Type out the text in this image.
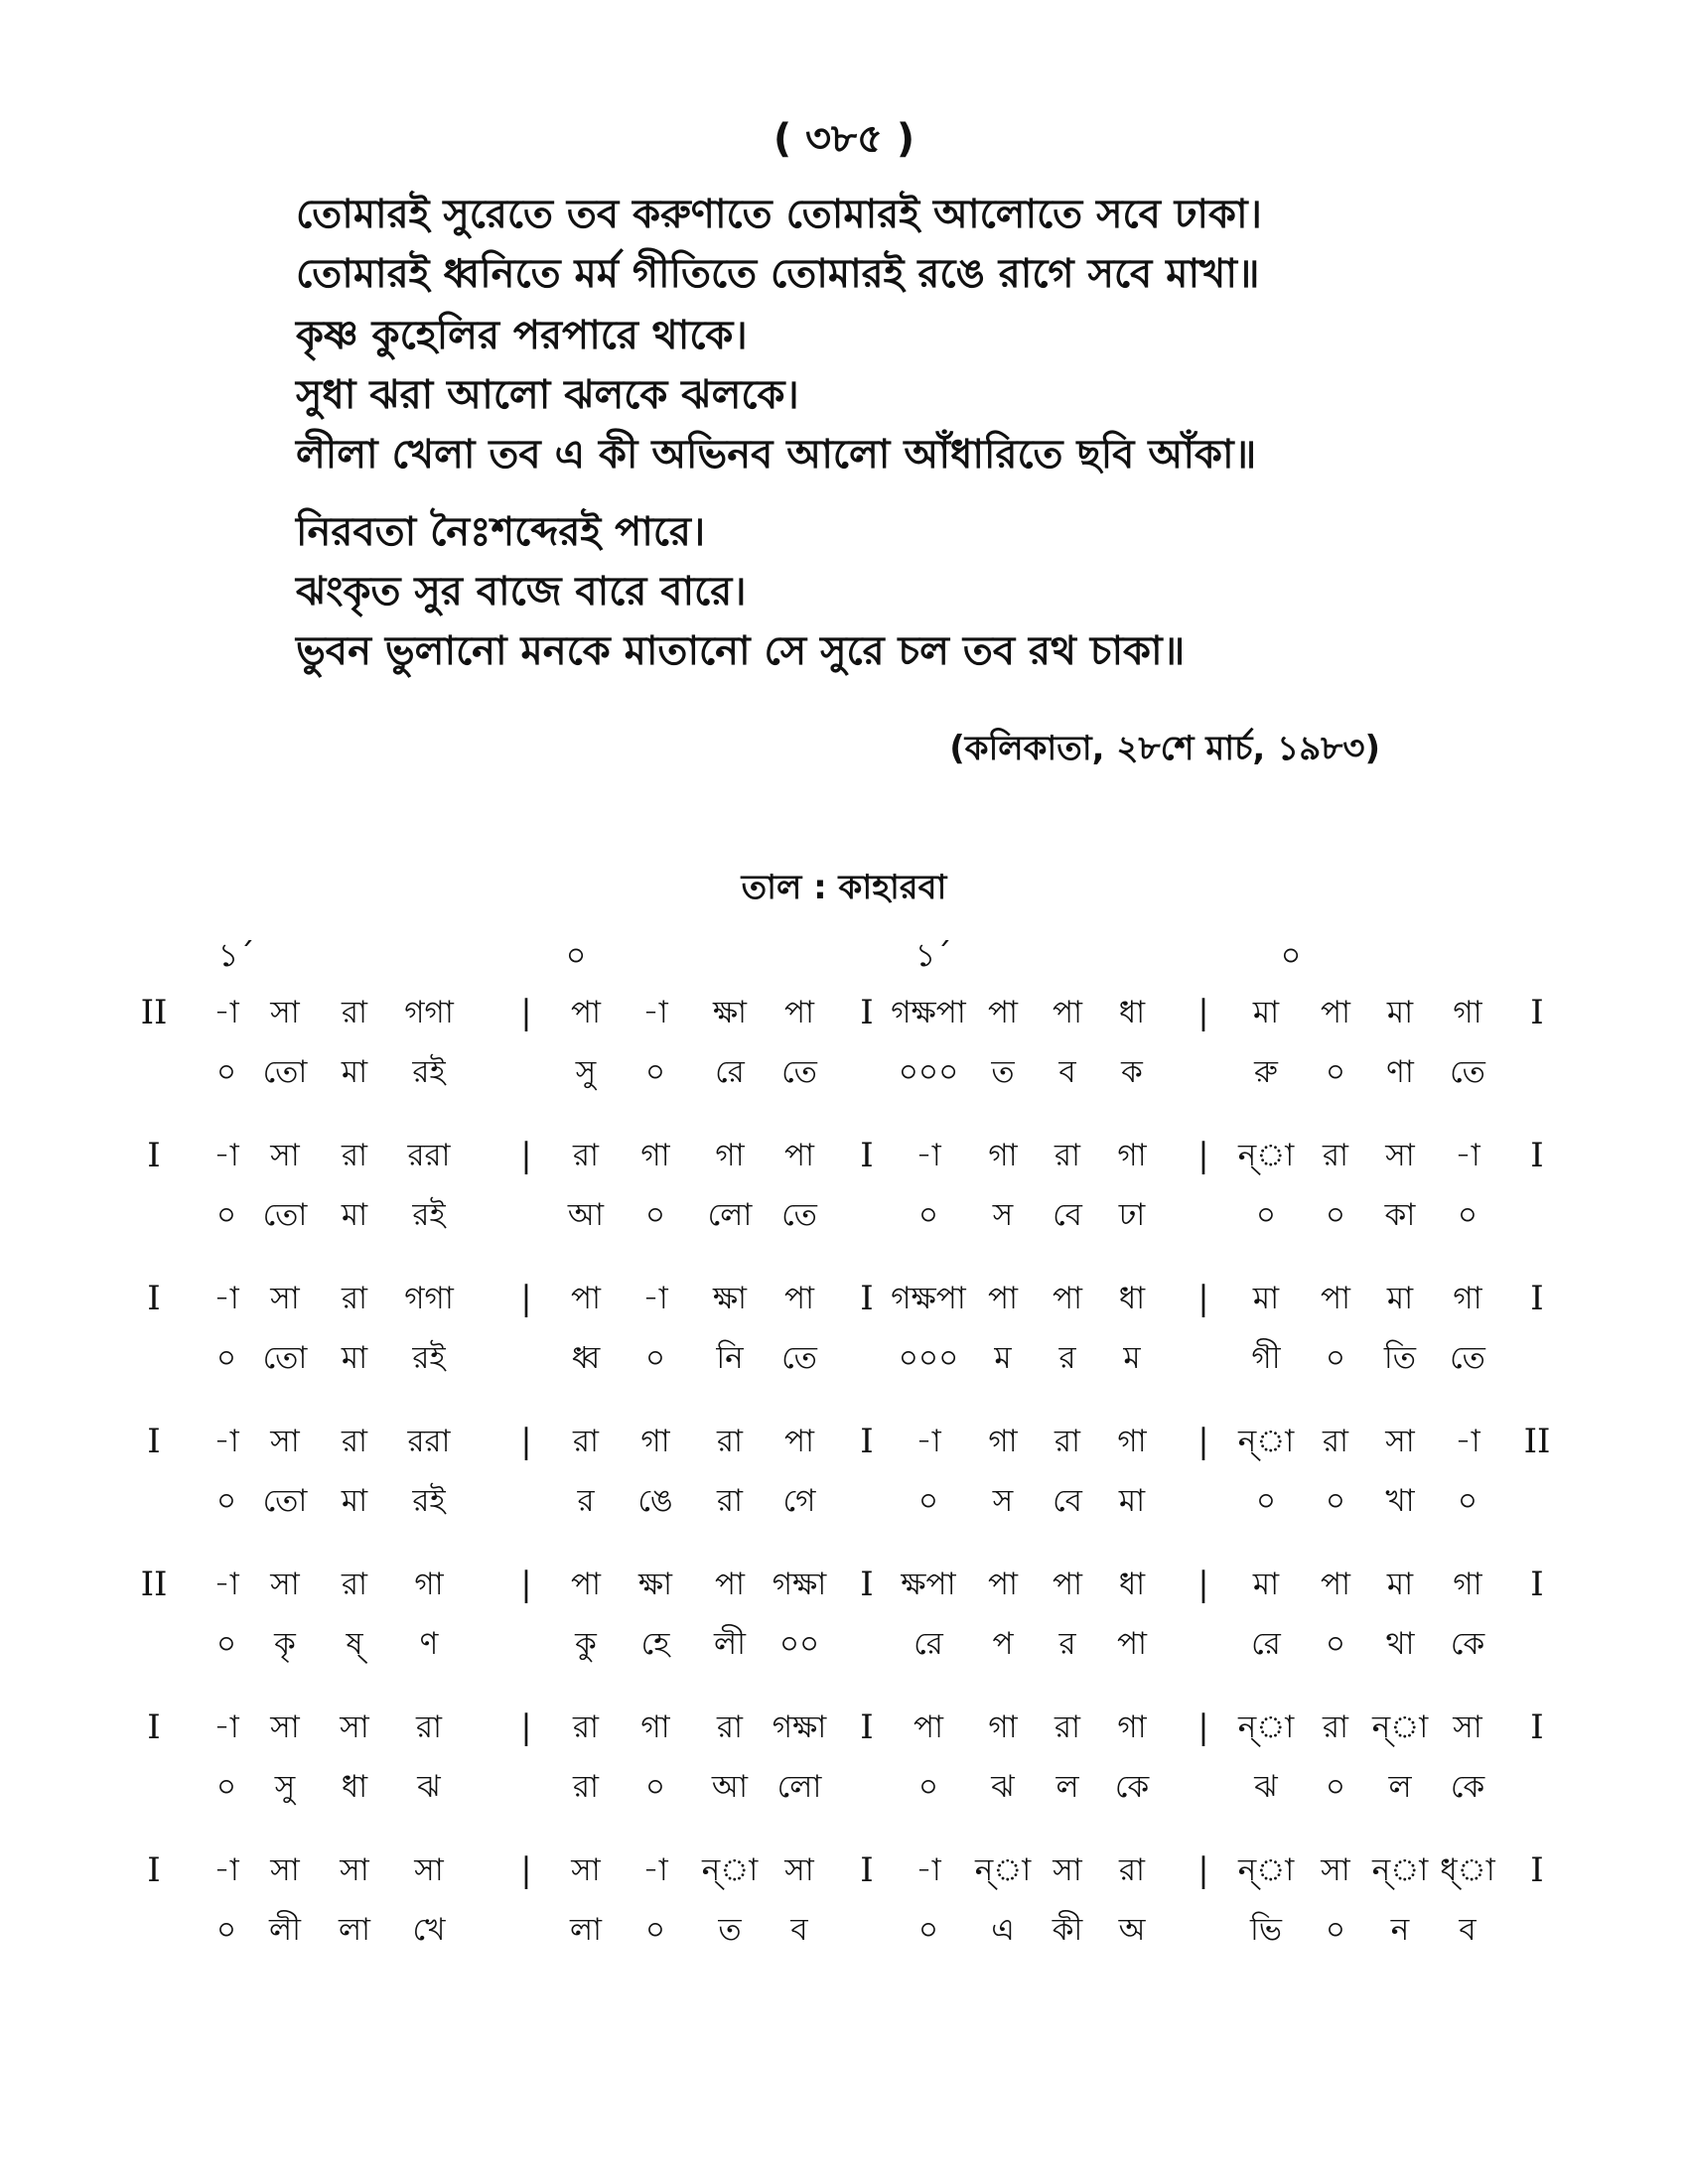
( ৩৮৫ )
তোমারই সুরেতে তব করুণাতে তোমারই আলোতে সবে ঢাকা।
তোমারই ধ্বনিতে মর্ম গীতিতে তোমারই রঙে রাগে সবে মাখা॥
কৃষ্ণ কুহেলির পরপারে থাকে।
সুধা ঝরা আলো ঝলকে ঝলকে।
লীলা খেলা তব এ কী অভিনব আলো আঁধারিতে ছবি আঁকা॥
নিরবতা নৈঃশব্দেরই পারে।
ঝংকৃত সুর বাজে বারে বারে।
ভুবন ভুলানো মনকে মাতানো সে সুরে চল তব রথ চাকা॥
(কলিকাতা, ২৮শে মার্চ, ১৯৮৩)
তাল : কাহারবা
১´	০	১´	০
II -া সা রা গগা | পা -া ক্ষা পা I গক্ষপা পা পা ধা | মা পা মা গা I
০ তো মা রই	সু ০ রে তে	০০০ ত ব ক	রু ০ ণা তে
I -া সা রা ররা | রা গা গা পা I -া গা রা গা | ন্‌া রা সা -া I
০ তো মা রই	আ ০ লো তে	০ স বে ঢা	০ ০ কা ০
I -া সা রা গগা | পা -া ক্ষা পা I গক্ষপা পা পা ধা | মা পা মা গা I
০ তো মা রই	ধ্ব ০ নি তে	০০০ ম র ম	গী ০ তি তে
I -া সা রা ররা | রা গা রা পা I -া গা রা গা | ন্‌া রা সা -া II
০ তো মা রই	র ঙে রা গে	০ স বে মা	০ ০ খা ০
II -া সা রা গা | পা ক্ষা পা গক্ষা I ক্ষপা পা পা ধা | মা পা মা গা I
০ কৃ ষ্ ণ	কু হে লী ০০	রে প র পা	রে ০ থা কে
I -া সা সা রা | রা গা রা গক্ষা I পা গা রা গা | ন্‌া রা ন্‌া সা I
০ সু ধা ঝ	রা ০ আ লো	০ ঝ ল কে	ঝ ০ ল কে
I -া সা সা সা | সা -া ন্‌া সা I -া ন্‌া সা রা | ন্‌া সা ন্‌া ধ্‌া I
০ লী লা খে	লা ০ ত ব	০ এ কী অ	ভি ০ ন ব
